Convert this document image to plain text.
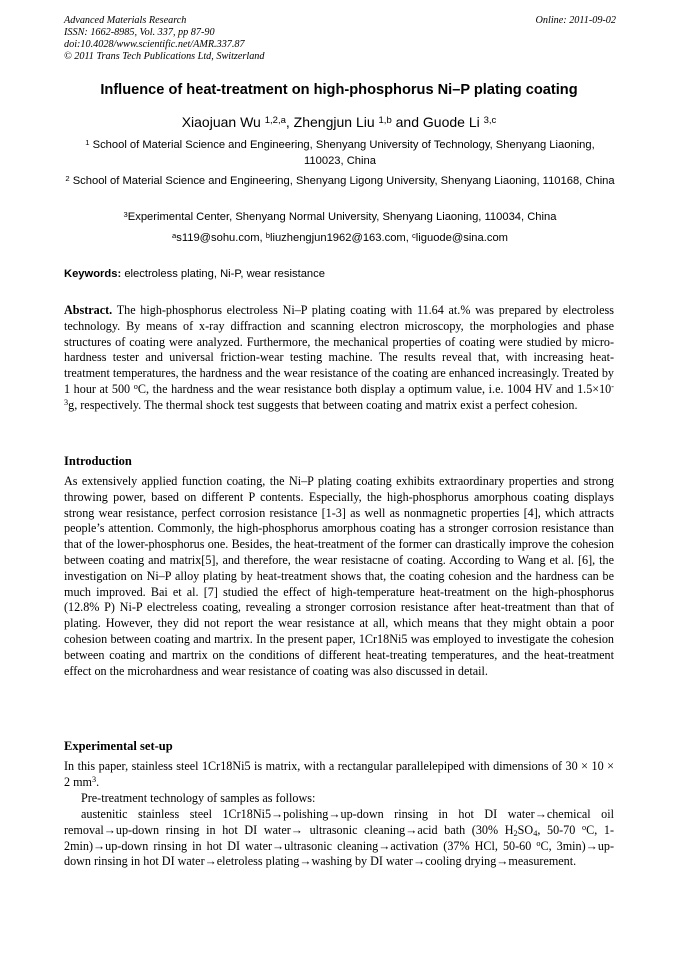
Advanced Materials Research
ISSN: 1662-8985, Vol. 337, pp 87-90
doi:10.4028/www.scientific.net/AMR.337.87
© 2011 Trans Tech Publications Ltd, Switzerland
Online: 2011-09-02
Influence of heat-treatment on high-phosphorus Ni–P plating coating
Xiaojuan Wu $^{1,2,a}$, Zhengjun Liu $^{1,b}$ and Guode Li $^{3,c}$
$^1$ School of Material Science and Engineering, Shenyang University of Technology, Shenyang Liaoning, 110023, China
$^2$ School of Material Science and Engineering, Shenyang Ligong University, Shenyang Liaoning, 110168, China
$^3$Experimental Center, Shenyang Normal University, Shenyang Liaoning, 110034, China
$^a$s119@sohu.com, $^b$liuzhengjun1962@163.com, $^c$liguode@sina.com
Keywords: electroless plating, Ni-P, wear resistance
Abstract. The high-phosphorus electroless Ni–P plating coating with 11.64 at.% was prepared by electroless technology. By means of x-ray diffraction and scanning electron microscopy, the morphologies and phase structures of coating were analyzed. Furthermore, the mechanical properties of coating were studied by micro-hardness tester and universal friction-wear testing machine. The results reveal that, with increasing heat-treatment temperatures, the hardness and the wear resistance of the coating are enhanced increasingly. Treated by 1 hour at 500 $^o$C, the hardness and the wear resistance both display a optimum value, i.e. 1004 HV and $1.5\times 10^{-3}g$, respectively. The thermal shock test suggests that between coating and matrix exist a perfect cohesion.
Introduction
As extensively applied function coating, the Ni–P plating coating exhibits extraordinary properties and strong throwing power, based on different P contents. Especially, the high-phosphorus amorphous coating displays strong wear resistance, perfect corrosion resistance [1-3] as well as nonmagnetic properties [4], which attracts people’s attention. Commonly, the high-phosphorus amorphous coating has a stronger corrosion resistance than that of the lower-phosphorus one. Besides, the heat-treatment of the former can drastically improve the cohesion between coating and matrix[5], and therefore, the wear resistacne of coating. According to Wang et al. [6], the investigation on Ni–P alloy plating by heat-treatment shows that, the coating cohesion and the hardness can be much improved. Bai et al. [7] studied the effect of high-temperature heat-treatment on the high-phosphorus (12.8% P) Ni-P electreless coating, revealing a stronger corrosion resistance after heat-treatment than that of plating. However, they did not report the wear resistance at all, which means that they might obtain a poor cohesion between coating and martrix. In the present paper, 1Cr18Ni5 was employed to investigate the cohesion between coating and martrix on the conditions of different heat-treating temperatures, and the heat-treatment effect on the microhardness and wear resistance of coating was also discussed in detail.
Experimental set-up
In this paper, stainless steel 1Cr18Ni5 is matrix, with a rectangular parallelepiped with dimensions of 30 × 10 × 2 $mm^3$.
Pre-treatment technology of samples as follows:
austenitic stainless steel 1Cr18Ni5→polishing→up-down rinsing in hot DI water→chemical oil removal→up-down rinsing in hot DI water→ ultrasonic cleaning→acid bath (30% $H_2SO_4$, 50-70 $^o$C, 1-2min)→up-down rinsing in hot DI water→ultrasonic cleaning→activation (37% HCl, 50-60 $^o$C, 3min)→up-down rinsing in hot DI water→eletroless plating→washing by DI water→cooling drying→measurement.
